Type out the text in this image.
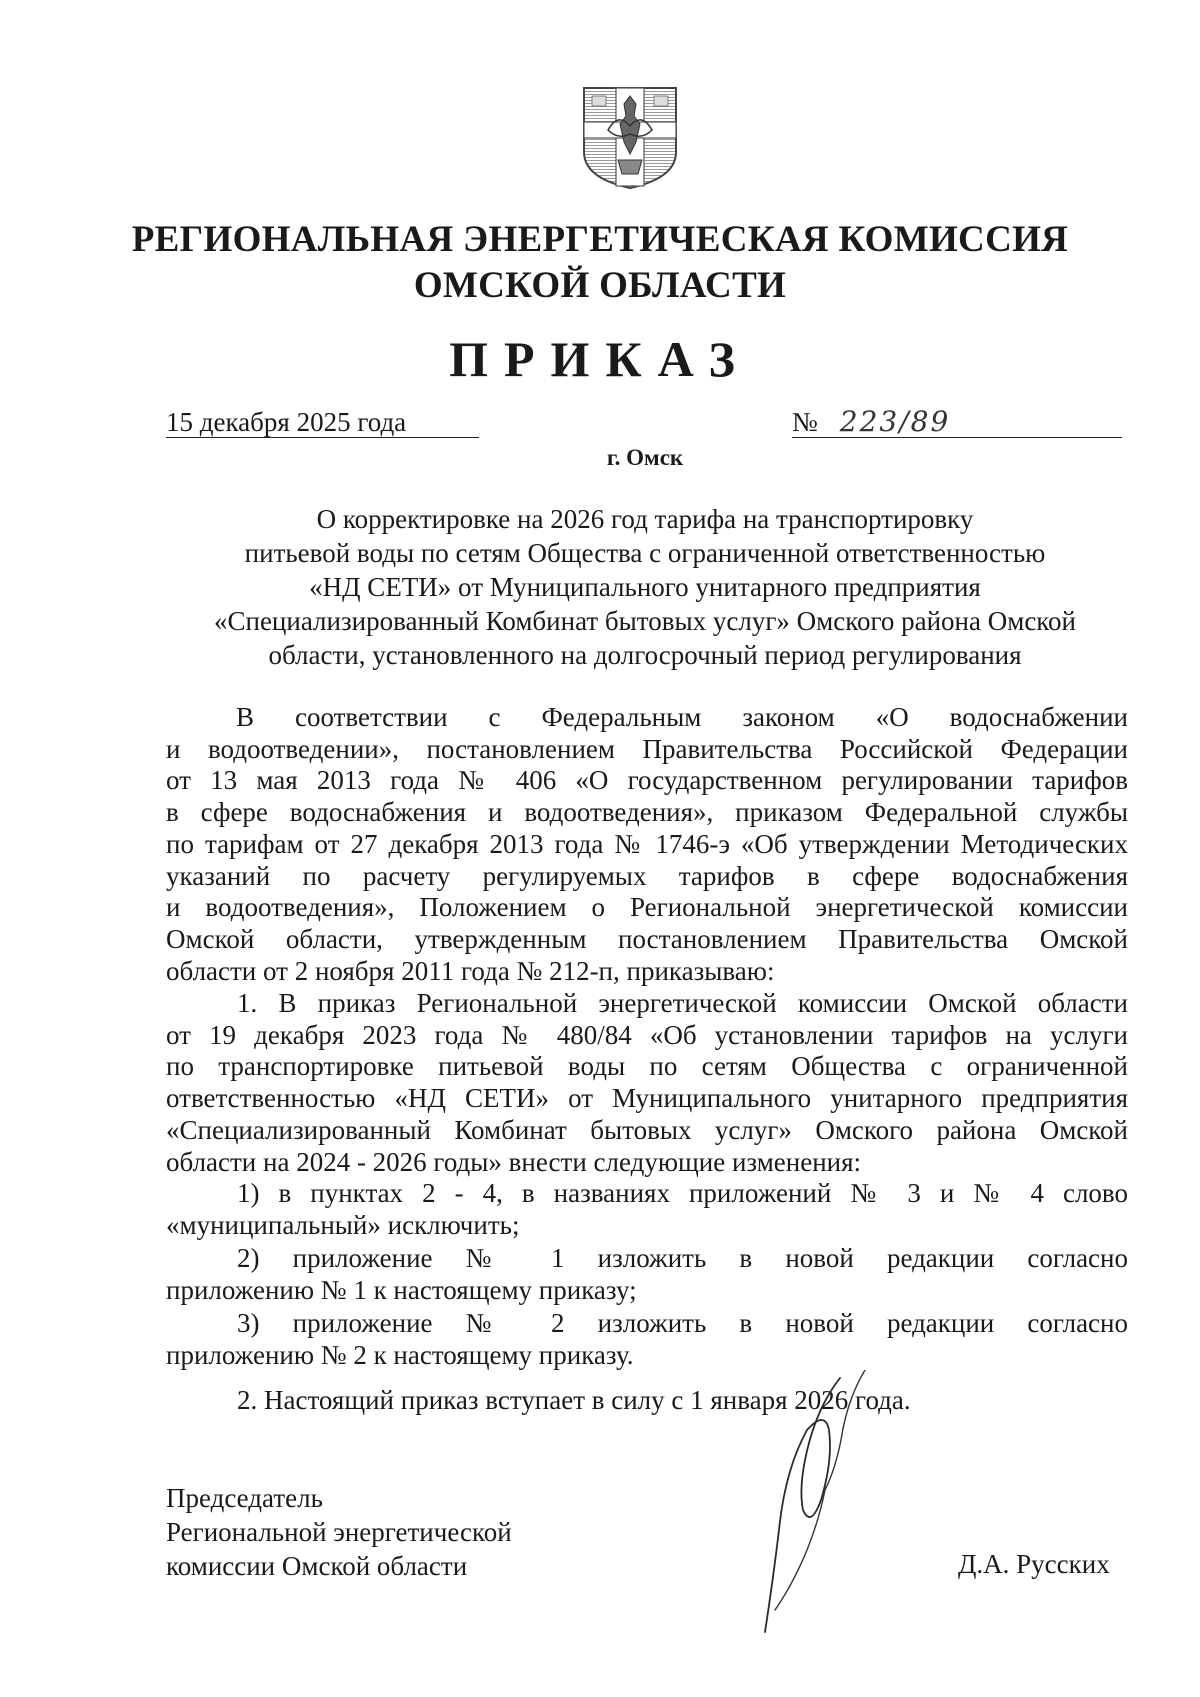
РЕГИОНАЛЬНАЯ ЭНЕРГЕТИЧЕСКАЯ КОМИССИЯ
ОМСКОЙ ОБЛАСТИ
ПРИКАЗ
15 декабря 2025 года	№ 223/89
г. Омск
О корректировке на 2026 год тарифа на транспортировку
питьевой воды по сетям Общества с ограниченной ответственностью
«НД СЕТИ» от Муниципального унитарного предприятия
«Специализированный Комбинат бытовых услуг» Омского района Омской
области, установленного на долгосрочный период регулирования
В соответствии с Федеральным законом «О водоснабжении
и водоотведении», постановлением Правительства Российской Федерации
от 13 мая 2013 года № 406 «О государственном регулировании тарифов
в сфере водоснабжения и водоотведения», приказом Федеральной службы
по тарифам от 27 декабря 2013 года № 1746-э «Об утверждении Методических
указаний по расчету регулируемых тарифов в сфере водоснабжения
и водоотведения», Положением о Региональной энергетической комиссии
Омской области, утвержденным постановлением Правительства Омской
области от 2 ноября 2011 года № 212-п, приказываю:
1. В приказ Региональной энергетической комиссии Омской области
от 19 декабря 2023 года № 480/84 «Об установлении тарифов на услуги
по транспортировке питьевой воды по сетям Общества с ограниченной
ответственностью «НД СЕТИ» от Муниципального унитарного предприятия
«Специализированный Комбинат бытовых услуг» Омского района Омской
области на 2024 - 2026 годы» внести следующие изменения:
1) в пунктах 2 - 4, в названиях приложений № 3 и № 4 слово
«муниципальный» исключить;
2) приложение № 1 изложить в новой редакции согласно
приложению № 1 к настоящему приказу;
3) приложение № 2 изложить в новой редакции согласно
приложению № 2 к настоящему приказу.
2. Настоящий приказ вступает в силу с 1 января 2026 года.
Председатель
Региональной энергетической
комиссии Омской области	Д.А. Русских
